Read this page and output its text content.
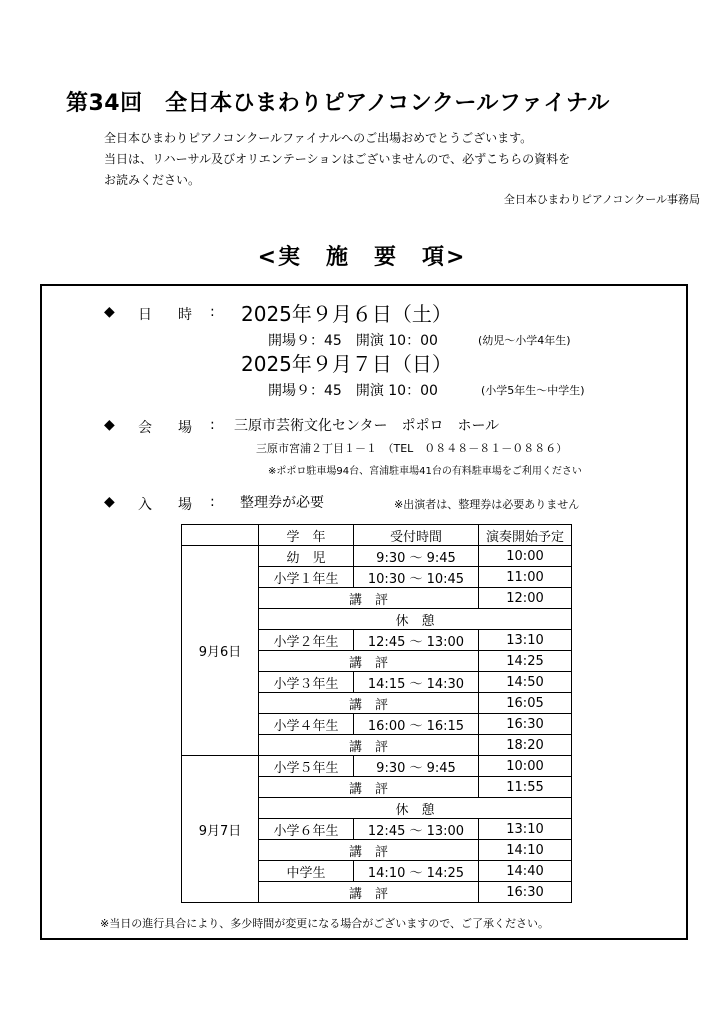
第34回　全日本ひまわりピアノコンクールファイナル
全日本ひまわりピアノコンクールファイナルへのご出場おめでとうございます。
当日は、リハーサル及びオリエンテーションはございませんので、必ずこちらの資料を
お読みください。
全日本ひまわりピアノコンクール事務局
<実　施　要　項>
◆ 日　時 : 2025年９月６日（土）
開場９：45　開演 10：00	(幼児～小学4年生)
2025年９月７日（日）
開場９：45　開演 10：00	(小学5年生～中学生)
◆ 会　場 : 三原市芸術文化センター　ポポロ　ホール
三原市宮浦２丁目１－１　（TEL　０８４８－８１－０８８６）
※ポポロ駐車場94台、宮浦駐車場41台の有料駐車場をご利用ください
◆ 入　場 : 整理券が必要	※出演者は、整理券は必要ありません
	学　年	受付時間	演奏開始予定
9月6日	幼　児	9:30 ～ 9:45	10:00
	小学１年生	10:30 ～ 10:45	11:00
	講　評		12:00
	休　憩		
	小学２年生	12:45 ～ 13:00	13:10
	講　評		14:25
	小学３年生	14:15 ～ 14:30	14:50
	講　評		16:05
	小学４年生	16:00 ～ 16:15	16:30
	講　評		18:20
9月7日	小学５年生	9:30 ～ 9:45	10:00
	講　評		11:55
	休　憩		
	小学６年生	12:45 ～ 13:00	13:10
	講　評		14:10
	中学生	14:10 ～ 14:25	14:40
	講　評		16:30
※当日の進行具合により、多少時間が変更になる場合がございますので、ご了承ください。
